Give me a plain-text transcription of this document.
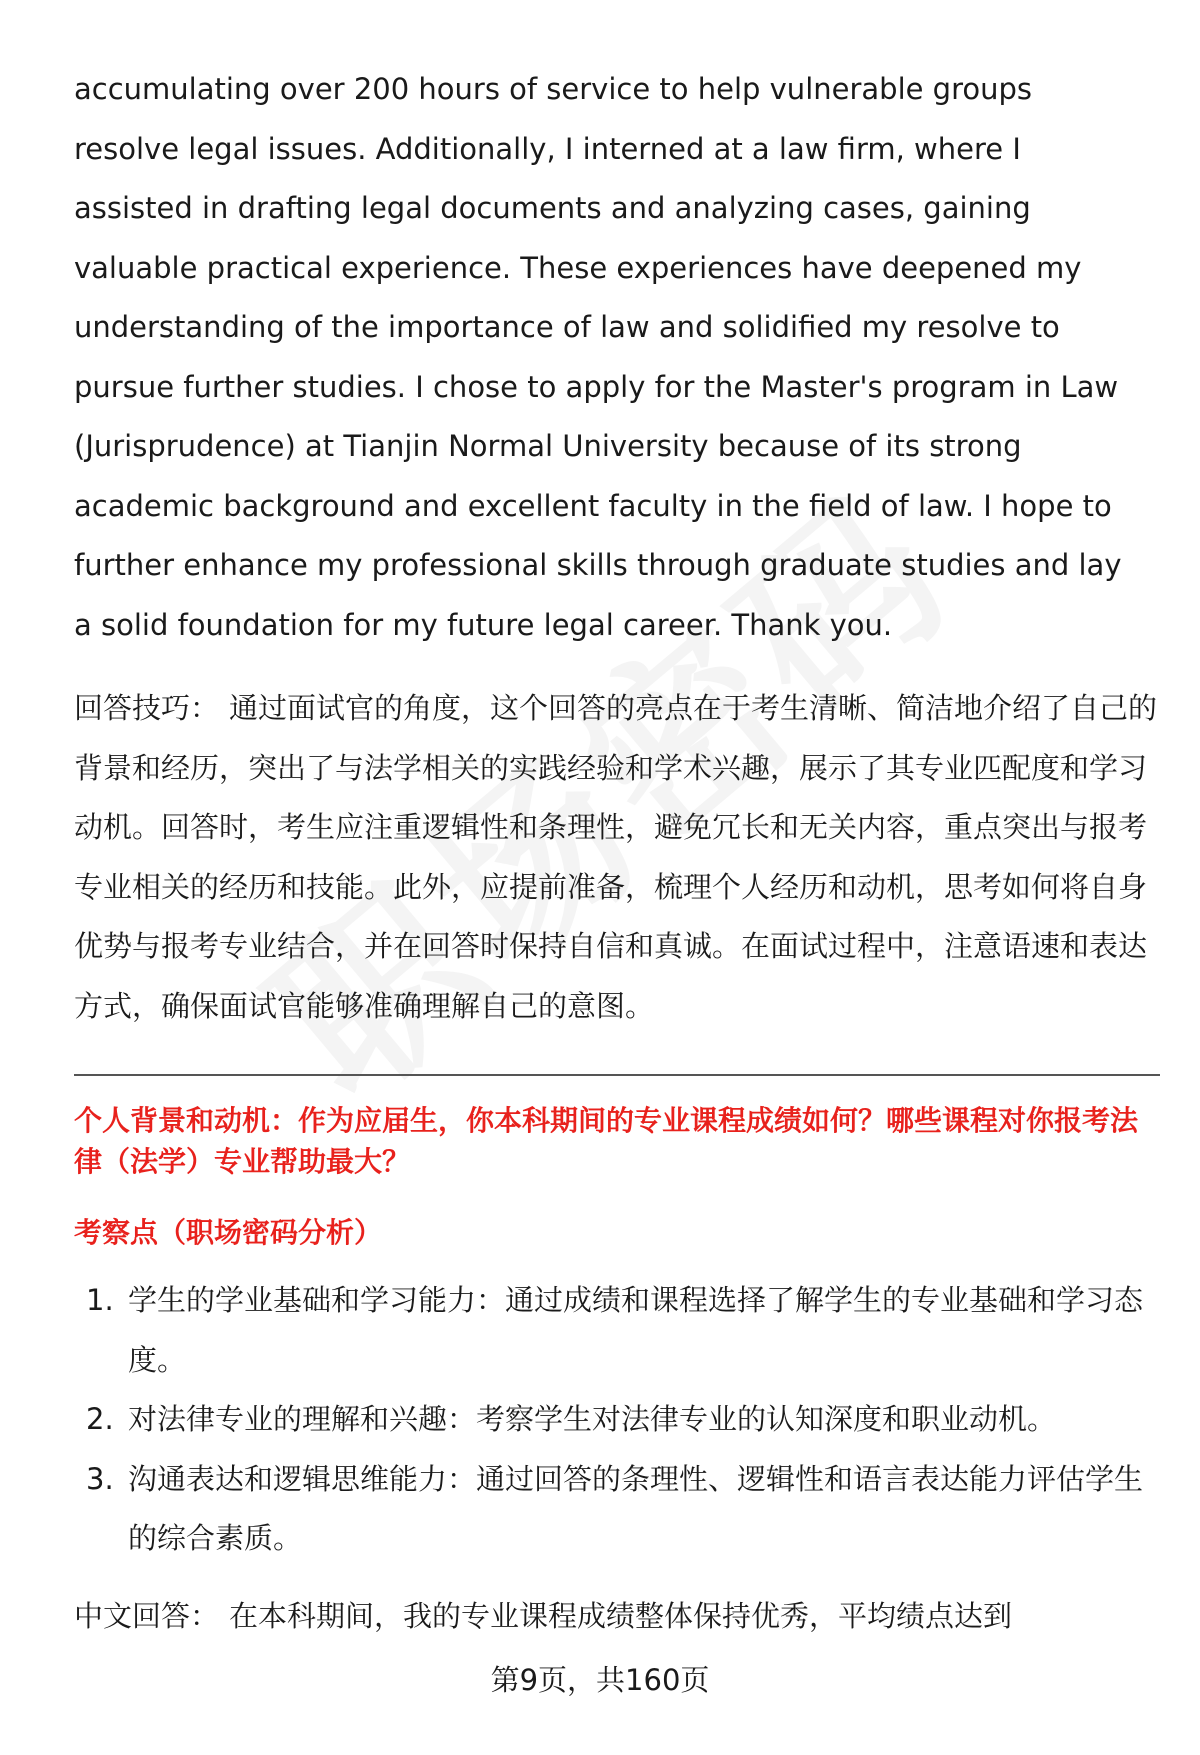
accumulating over 200 hours of service to help vulnerable groups resolve legal issues. Additionally, I interned at a law firm, where I assisted in drafting legal documents and analyzing cases, gaining valuable practical experience. These experiences have deepened my understanding of the importance of law and solidified my resolve to pursue further studies. I chose to apply for the Master's program in Law (Jurisprudence) at Tianjin Normal University because of its strong academic background and excellent faculty in the field of law. I hope to further enhance my professional skills through graduate studies and lay a solid foundation for my future legal career. Thank you.

回答技巧： 通过面试官的角度，这个回答的亮点在于考生清晰、简洁地介绍了自己的背景和经历，突出了与法学相关的实践经验和学术兴趣，展示了其专业匹配度和学习动机。回答时，考生应注重逻辑性和条理性，避免冗长和无关内容，重点突出与报考专业相关的经历和技能。此外，应提前准备，梳理个人经历和动机，思考如何将自身优势与报考专业结合，并在回答时保持自信和真诚。在面试过程中，注意语速和表达方式，确保面试官能够准确理解自己的意图。

个人背景和动机：作为应届生，你本科期间的专业课程成绩如何？哪些课程对你报考法律（法学）专业帮助最大？

考察点（职场密码分析）

1. 学生的学业基础和学习能力：通过成绩和课程选择了解学生的专业基础和学习态度。
2. 对法律专业的理解和兴趣：考察学生对法律专业的认知深度和职业动机。
3. 沟通表达和逻辑思维能力：通过回答的条理性、逻辑性和语言表达能力评估学生的综合素质。

中文回答： 在本科期间，我的专业课程成绩整体保持优秀，平均绩点达到

第9页，共160页
